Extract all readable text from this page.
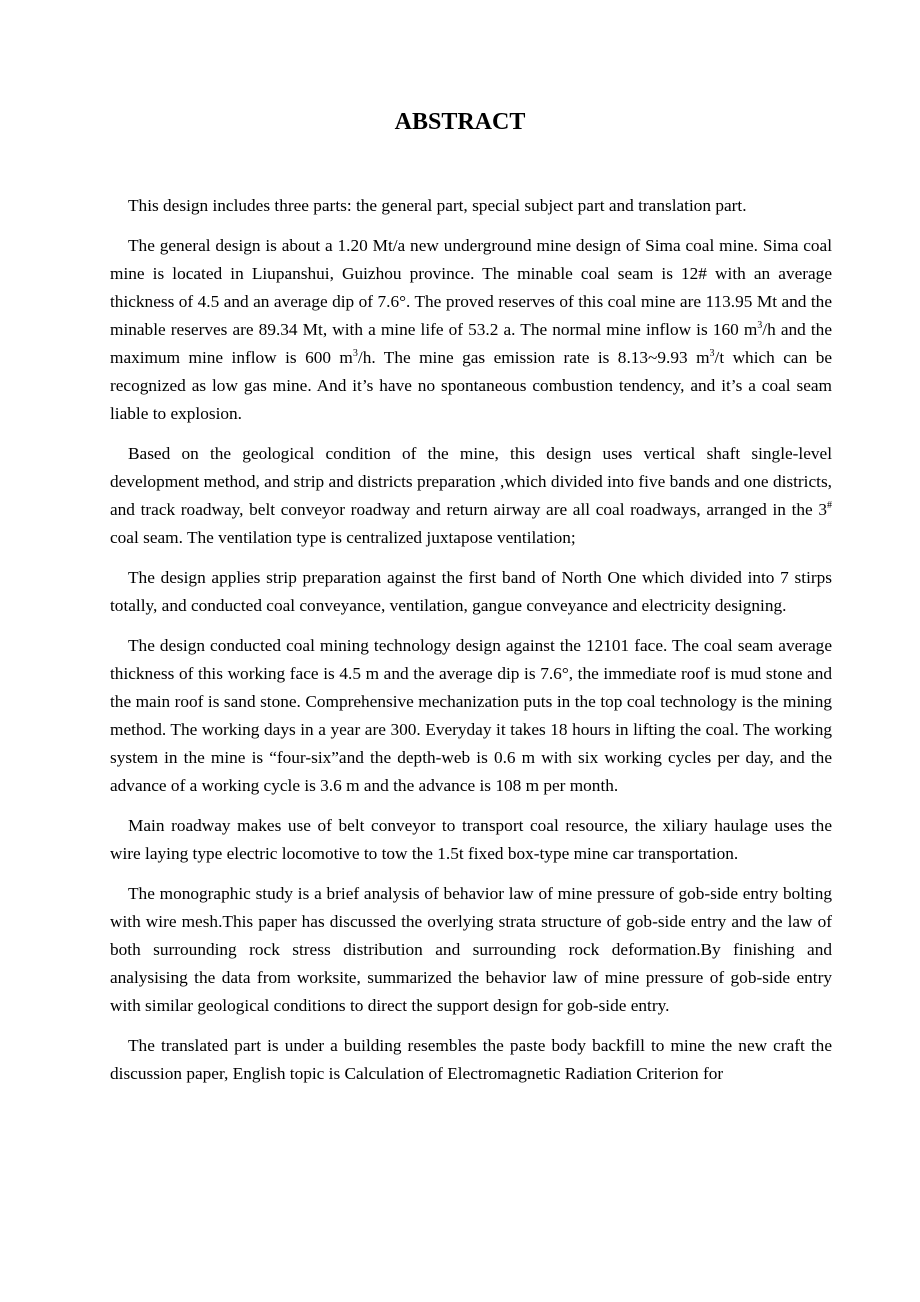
ABSTRACT

This design includes three parts: the general part, special subject part and translation part.

The general design is about a 1.20 Mt/a new underground mine design of Sima coal mine. Sima coal mine is located in Liupanshui, Guizhou province. The minable coal seam is 12# with an average thickness of 4.5 and an average dip of 7.6°. The proved reserves of this coal mine are 113.95 Mt and the minable reserves are 89.34 Mt, with a mine life of 53.2 a. The normal mine inflow is 160 $m^3/h$ and the maximum mine inflow is 600 $m^3/h$. The mine gas emission rate is 8.13~9.93 $m^3/t$ which can be recognized as low gas mine. And it’s have no spontaneous combustion tendency, and it’s a coal seam liable to explosion.

Based on the geological condition of the mine, this design uses vertical shaft single-level development method, and strip and districts preparation ,which divided into five bands and one districts, and track roadway, belt conveyor roadway and return airway are all coal roadways, arranged in the 3# coal seam. The ventilation type is centralized juxtapose ventilation;

The design applies strip preparation against the first band of North One which divided into 7 stirps totally, and conducted coal conveyance, ventilation, gangue conveyance and electricity designing.

The design conducted coal mining technology design against the 12101 face. The coal seam average thickness of this working face is 4.5 m and the average dip is 7.6°, the immediate roof is mud stone and the main roof is sand stone. Comprehensive mechanization puts in the top coal technology is the mining method. The working days in a year are 300. Everyday it takes 18 hours in lifting the coal. The working system in the mine is “four-six”and the depth-web is 0.6 m with six working cycles per day, and the advance of a working cycle is 3.6 m and the advance is 108 m per month.

Main roadway makes use of belt conveyor to transport coal resource, the xiliary haulage uses the wire laying type electric locomotive to tow the 1.5t fixed box-type mine car transportation.

The monographic study is a brief analysis of behavior law of mine pressure of gob-side entry bolting with wire mesh.This paper has discussed the overlying strata structure of gob-side entry and the law of both surrounding rock stress distribution and surrounding rock deformation.By finishing and analysising the data from worksite, summarized the behavior law of mine pressure of gob-side entry with similar geological conditions to direct the support design for gob-side entry.

The translated part is under a building resembles the paste body backfill to mine the new craft the discussion paper, English topic is Calculation of Electromagnetic Radiation Criterion for
